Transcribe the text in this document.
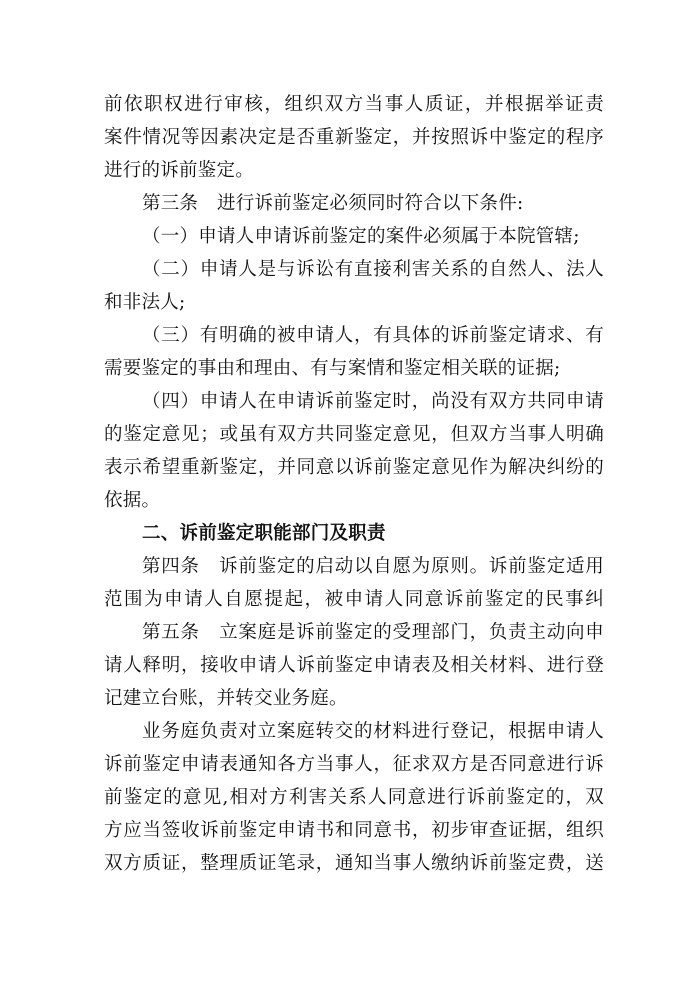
前依职权进行审核，组织双方当事人质证，并根据举证责
案件情况等因素决定是否重新鉴定，并按照诉中鉴定的程序
进行的诉前鉴定。
第三条　进行诉前鉴定必须同时符合以下条件:
（一）申请人申请诉前鉴定的案件必须属于本院管辖;
（二）申请人是与诉讼有直接利害关系的自然人、法人
和非法人;
（三）有明确的被申请人，有具体的诉前鉴定请求、有
需要鉴定的事由和理由、有与案情和鉴定相关联的证据;
（四）申请人在申请诉前鉴定时，尚没有双方共同申请
的鉴定意见；或虽有双方共同鉴定意见，但双方当事人明确
表示希望重新鉴定，并同意以诉前鉴定意见作为解决纠纷的
依据。
二、诉前鉴定职能部门及职责
第四条　诉前鉴定的启动以自愿为原则。诉前鉴定适用
范围为申请人自愿提起，被申请人同意诉前鉴定的民事纠
第五条　立案庭是诉前鉴定的受理部门，负责主动向申
请人释明，接收申请人诉前鉴定申请表及相关材料、进行登
记建立台账，并转交业务庭。
业务庭负责对立案庭转交的材料进行登记，根据申请人
诉前鉴定申请表通知各方当事人，征求双方是否同意进行诉
前鉴定的意见,相对方利害关系人同意进行诉前鉴定的，双
方应当签收诉前鉴定申请书和同意书，初步审查证据，组织
双方质证，整理质证笔录，通知当事人缴纳诉前鉴定费，送
